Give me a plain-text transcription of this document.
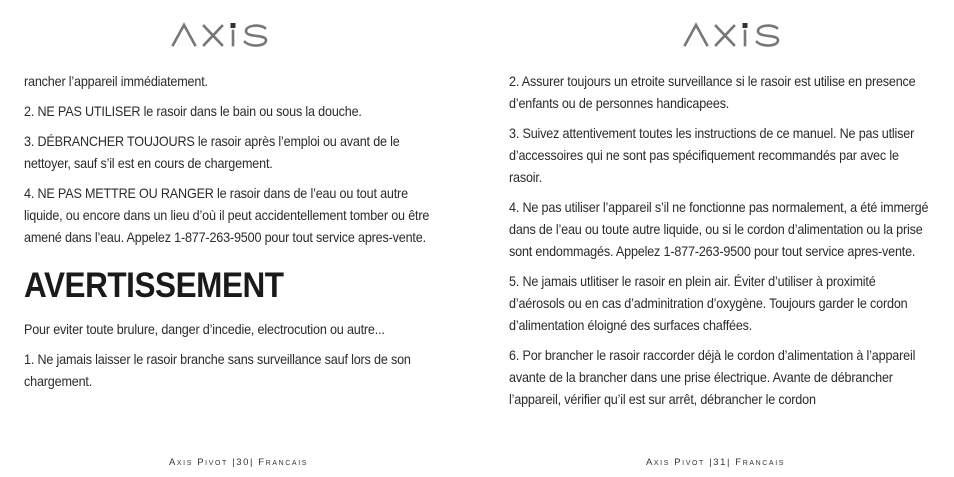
rancher l’appareil immédiatement.

2. NE PAS UTILISER le rasoir dans le bain ou sous la douche.

3. DÉBRANCHER TOUJOURS le rasoir après l’emploi ou avant de le nettoyer, sauf s’il est en cours de chargement.

4. NE PAS METTRE OU RANGER le rasoir dans de l’eau ou tout autre liquide, ou encore dans un lieu d’où il peut accidentellement tomber ou être amené dans l’eau. Appelez 1-877-263-9500 pour tout service apres-vente.

AVERTISSEMENT

Pour eviter toute brulure, danger d’incedie, electrocution ou autre...

1. Ne jamais laisser le rasoir branche sans surveillance sauf lors de son chargement.

Axis Pivot |30| Francais

2. Assurer toujours un etroite surveillance si le rasoir est utilise en presence d’enfants ou de personnes handicapees.

3. Suivez attentivement toutes les instructions de ce manuel. Ne pas utliser d’accessoires qui ne sont pas spécifiquement recommandés par avec le rasoir.

4. Ne pas utiliser l’appareil s’il ne fonctionne pas normalement, a été immergé dans de l’eau ou toute autre liquide, ou si le cordon d’alimentation ou la prise sont endommagés. Appelez 1-877-263-9500 pour tout service apres-vente.

5. Ne jamais utlitiser le rasoir en plein air. Éviter d’utiliser à proximité d’aérosols ou en cas d’adminitration d’oxygène. Toujours garder le cordon d’alimentation éloigné des surfaces chaffées.

6. Por brancher le rasoir raccorder déjà le cordon d’alimentation à l’appareil avante de la brancher dans une prise électrique. Avante de débrancher l’appareil, vérifier qu’il est sur arrêt, débrancher le cordon

Axis Pivot |31| Francais
